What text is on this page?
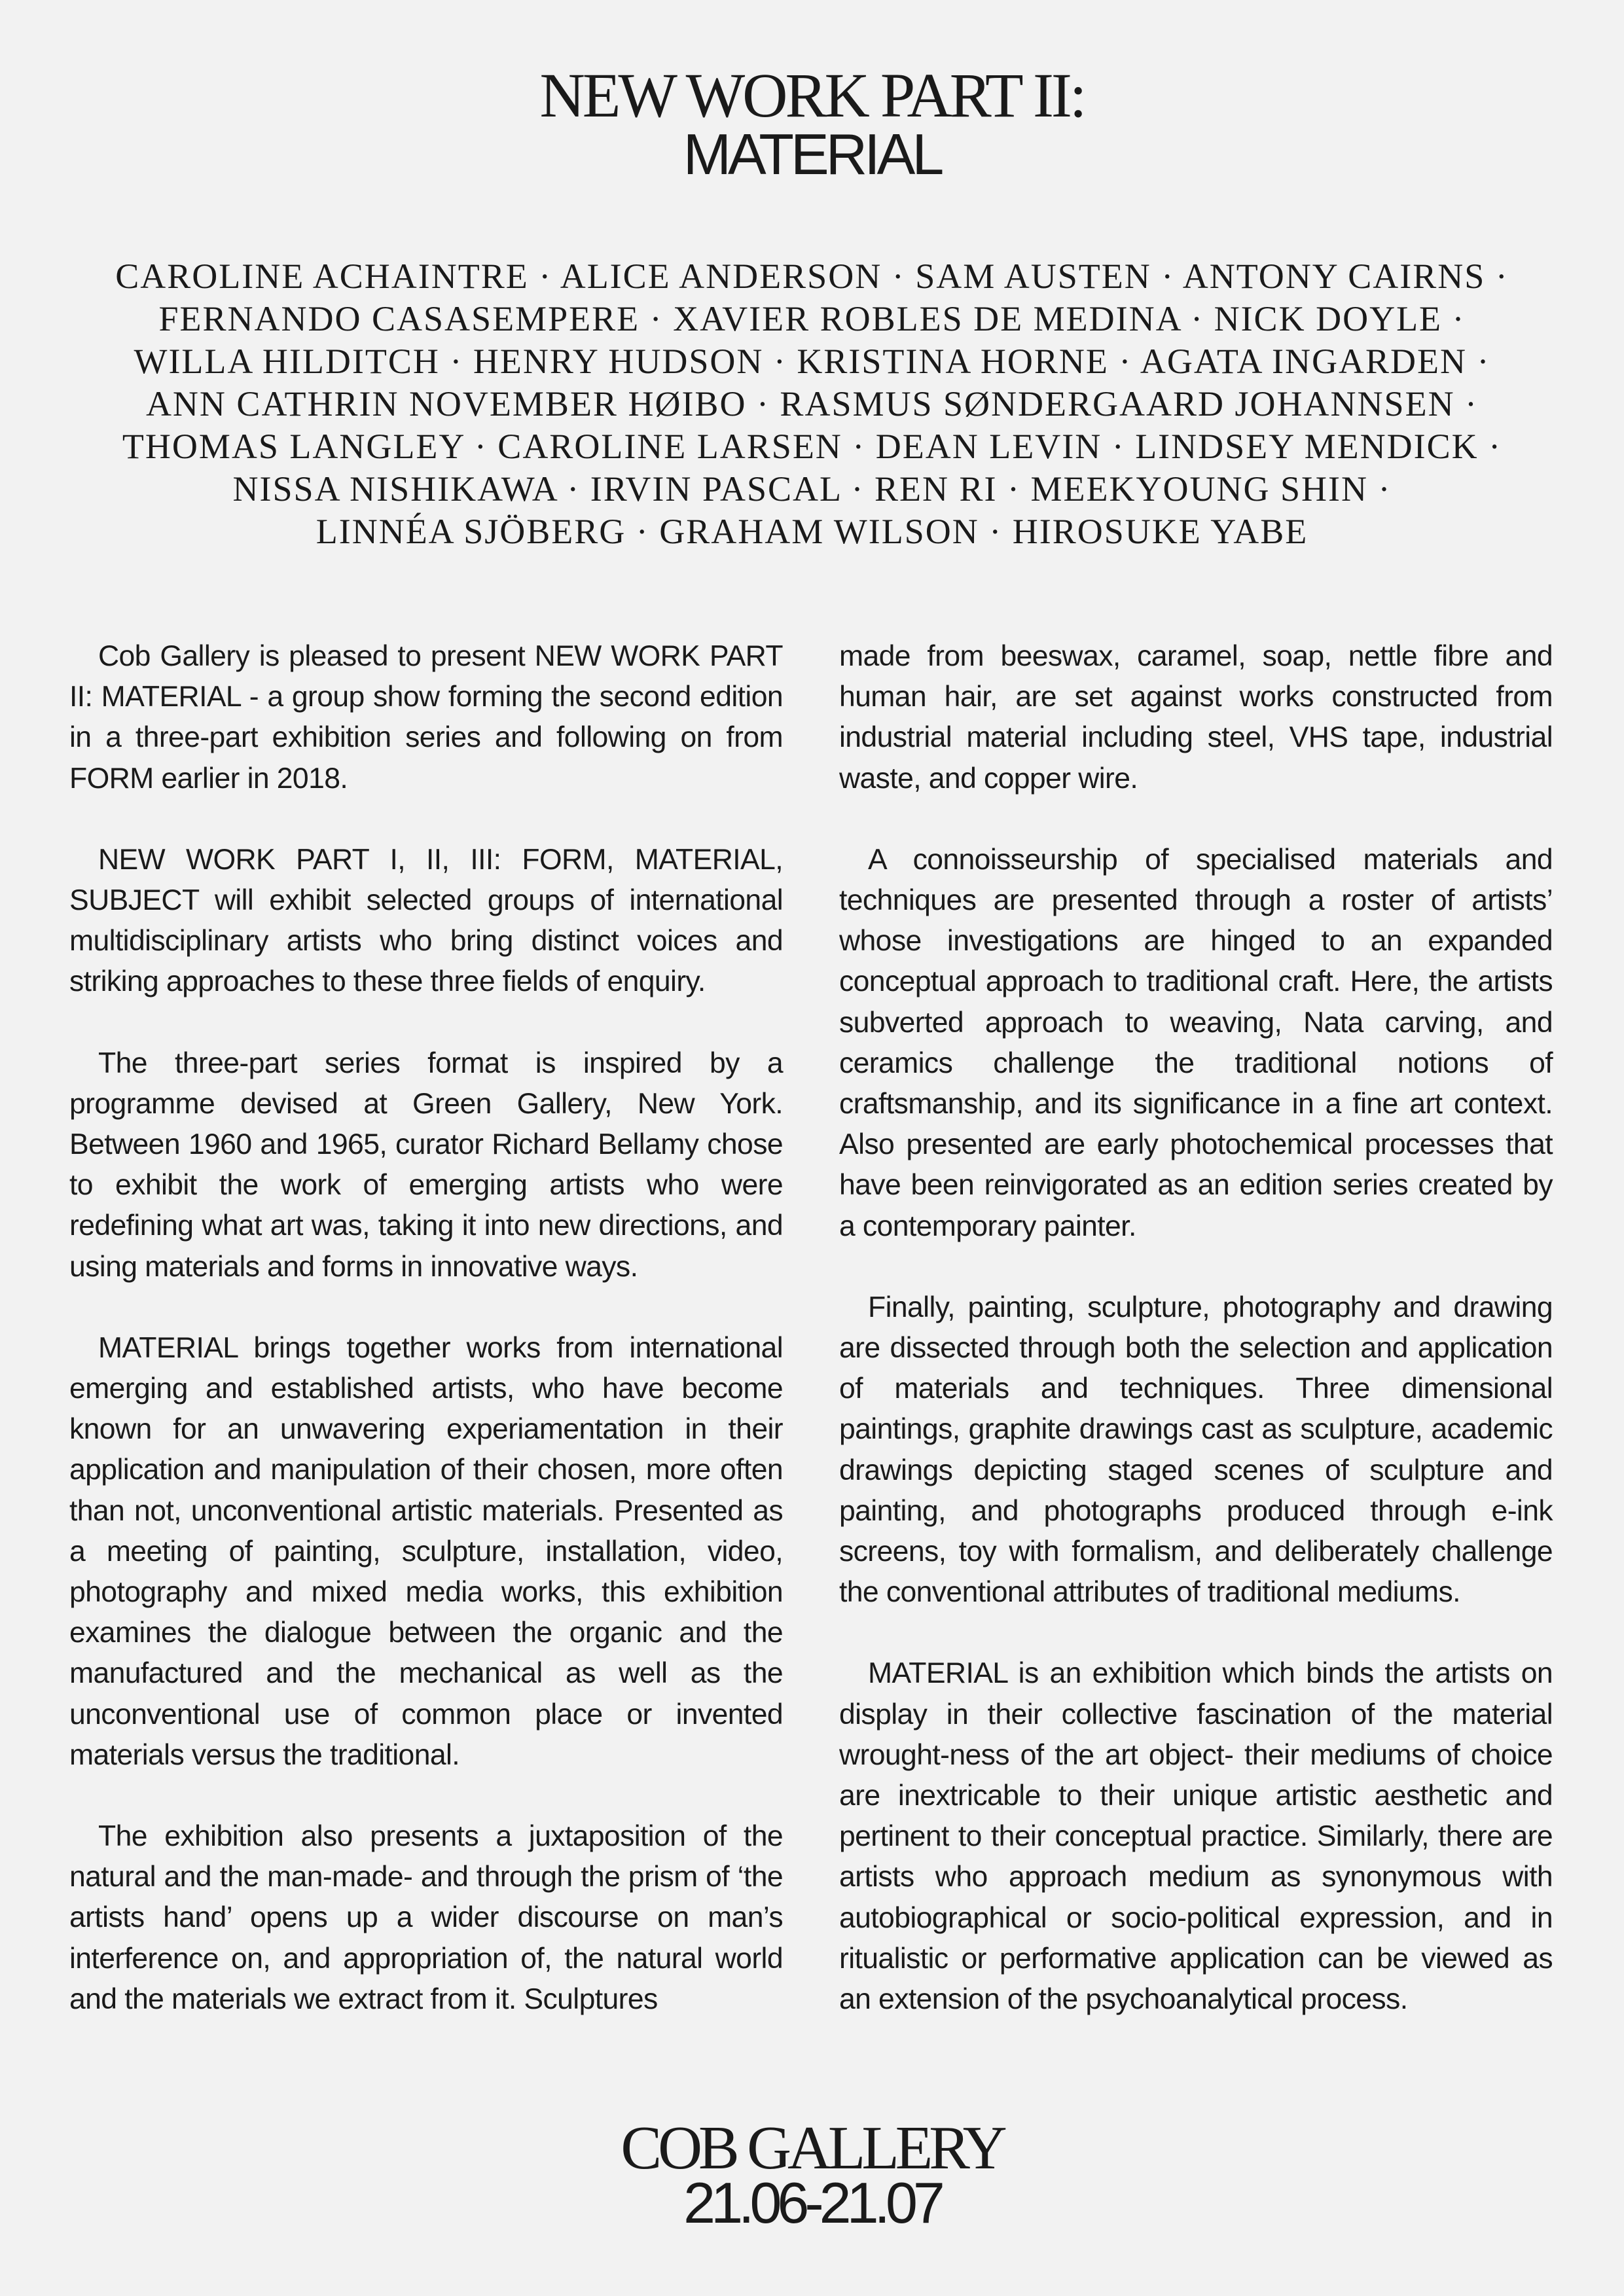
NEW WORK PART II:
MATERIAL
CAROLINE ACHAINTRE · ALICE ANDERSON · SAM AUSTEN · ANTONY CAIRNS ·
FERNANDO CASASEMPERE · XAVIER ROBLES DE MEDINA · NICK DOYLE ·
WILLA HILDITCH · HENRY HUDSON · KRISTINA HORNE · AGATA INGARDEN ·
ANN CATHRIN NOVEMBER HØIBO · RASMUS SØNDERGAARD JOHANNSEN ·
THOMAS LANGLEY · CAROLINE LARSEN · DEAN LEVIN · LINDSEY MENDICK ·
NISSA NISHIKAWA · IRVIN PASCAL · REN RI · MEEKYOUNG SHIN ·
LINNÉA SJÖBERG · GRAHAM WILSON · HIROSUKE YABE

Cob Gallery is pleased to present NEW WORK PART II: MATERIAL - a group show forming the second edition in a three-part exhibition series and following on from FORM earlier in 2018.

NEW WORK PART I, II, III: FORM, MATERIAL, SUBJECT will exhibit selected groups of international multidisciplinary artists who bring distinct voices and striking approaches to these three fields of enquiry.

The three-part series format is inspired by a programme devised at Green Gallery, New York. Between 1960 and 1965, curator Richard Bellamy chose to exhibit the work of emerging artists who were redefining what art was, taking it into new directions, and using materials and forms in innovative ways.

MATERIAL brings together works from international emerging and established artists, who have become known for an unwavering experiamentation in their application and manipulation of their chosen, more often than not, unconventional artistic materials. Presented as a meeting of painting, sculpture, installation, video, photography and mixed media works, this exhibition examines the dialogue between the organic and the manufactured and the mechanical as well as the unconventional use of common place or invented materials versus the traditional.

The exhibition also presents a juxtaposition of the natural and the man-made- and through the prism of ‘the artists hand’ opens up a wider discourse on man’s interference on, and appropriation of, the natural world and the materials we extract from it. Sculptures

made from beeswax, caramel, soap, nettle fibre and human hair, are set against works constructed from industrial material including steel, VHS tape, industrial waste, and copper wire.

A connoisseurship of specialised materials and techniques are presented through a roster of artists’ whose investigations are hinged to an expanded conceptual approach to traditional craft. Here, the artists subverted approach to weaving, Nata carving, and ceramics challenge the traditional notions of craftsmanship, and its significance in a fine art context. Also presented are early photochemical processes that have been reinvigorated as an edition series created by a contemporary painter.

Finally, painting, sculpture, photography and drawing are dissected through both the selection and application of materials and techniques. Three dimensional paintings, graphite drawings cast as sculpture, academic drawings depicting staged scenes of sculpture and painting, and photographs produced through e-ink screens, toy with formalism, and deliberately challenge the conventional attributes of traditional mediums.

MATERIAL is an exhibition which binds the artists on display in their collective fascination of the material wrought-ness of the art object- their mediums of choice are inextricable to their unique artistic aesthetic and pertinent to their conceptual practice. Similarly, there are artists who approach medium as synonymous with autobiographical or socio-political expression, and in ritualistic or performative application can be viewed as an extension of the psychoanalytical process.

COB GALLERY
21.06-21.07
